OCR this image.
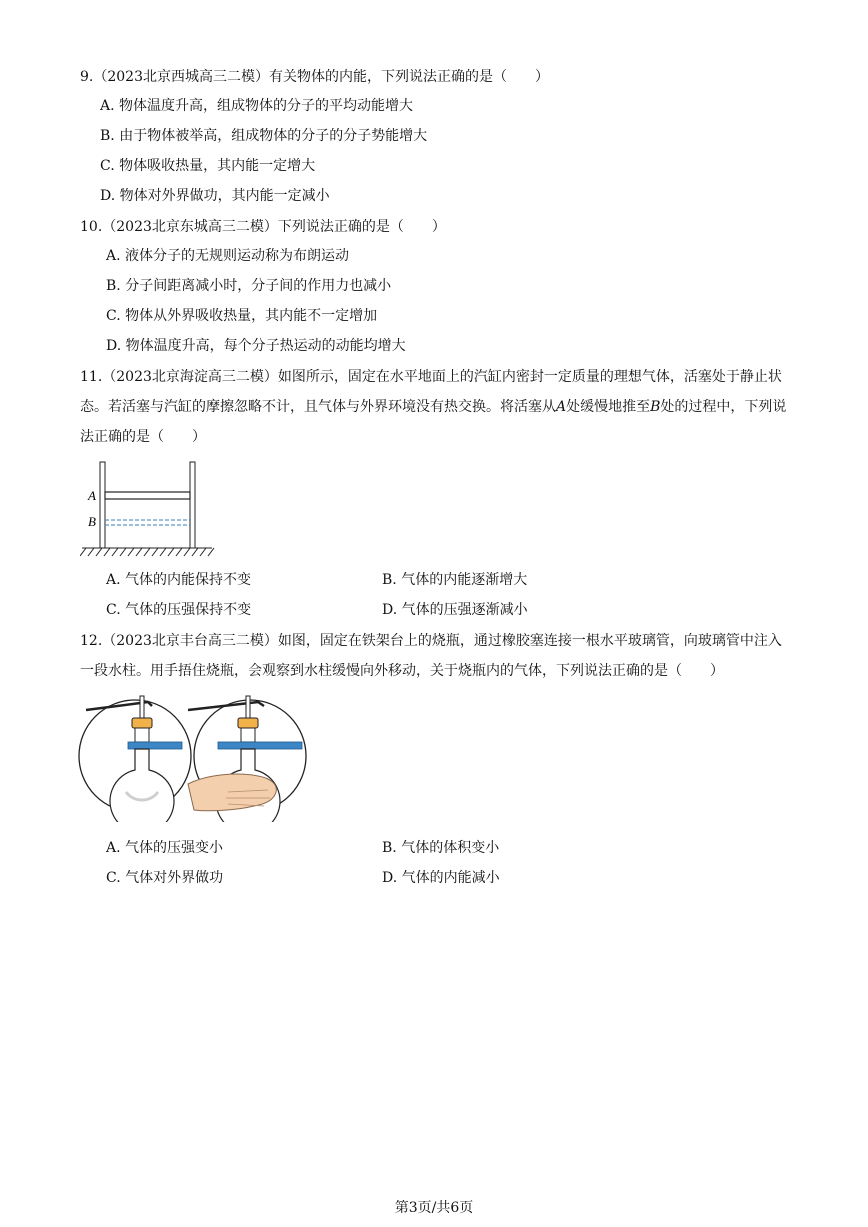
9.（2023北京西城高三二模）有关物体的内能，下列说法正确的是（　　）
A. 物体温度升高，组成物体的分子的平均动能增大
B. 由于物体被举高，组成物体的分子的分子势能增大
C. 物体吸收热量，其内能一定增大
D. 物体对外界做功，其内能一定减小
10.（2023北京东城高三二模）下列说法正确的是（　　）
A. 液体分子的无规则运动称为布朗运动
B. 分子间距离减小时，分子间的作用力也减小
C. 物体从外界吸收热量，其内能不一定增加
D. 物体温度升高，每个分子热运动的动能均增大
11.（2023北京海淀高三二模）如图所示，固定在水平地面上的汽缸内密封一定质量的理想气体，活塞处于静止状态。若活塞与汽缸的摩擦忽略不计，且气体与外界环境没有热交换。将活塞从A处缓慢地推至B处的过程中，下列说法正确的是（　　）
A
B
A. 气体的内能保持不变	B. 气体的内能逐渐增大
C. 气体的压强保持不变	D. 气体的压强逐渐减小
12.（2023北京丰台高三二模）如图，固定在铁架台上的烧瓶，通过橡胶塞连接一根水平玻璃管，向玻璃管中注入一段水柱。用手捂住烧瓶，会观察到水柱缓慢向外移动，关于烧瓶内的气体，下列说法正确的是（　　）
A. 气体的压强变小	B. 气体的体积变小
C. 气体对外界做功	D. 气体的内能减小
第3页/共6页
